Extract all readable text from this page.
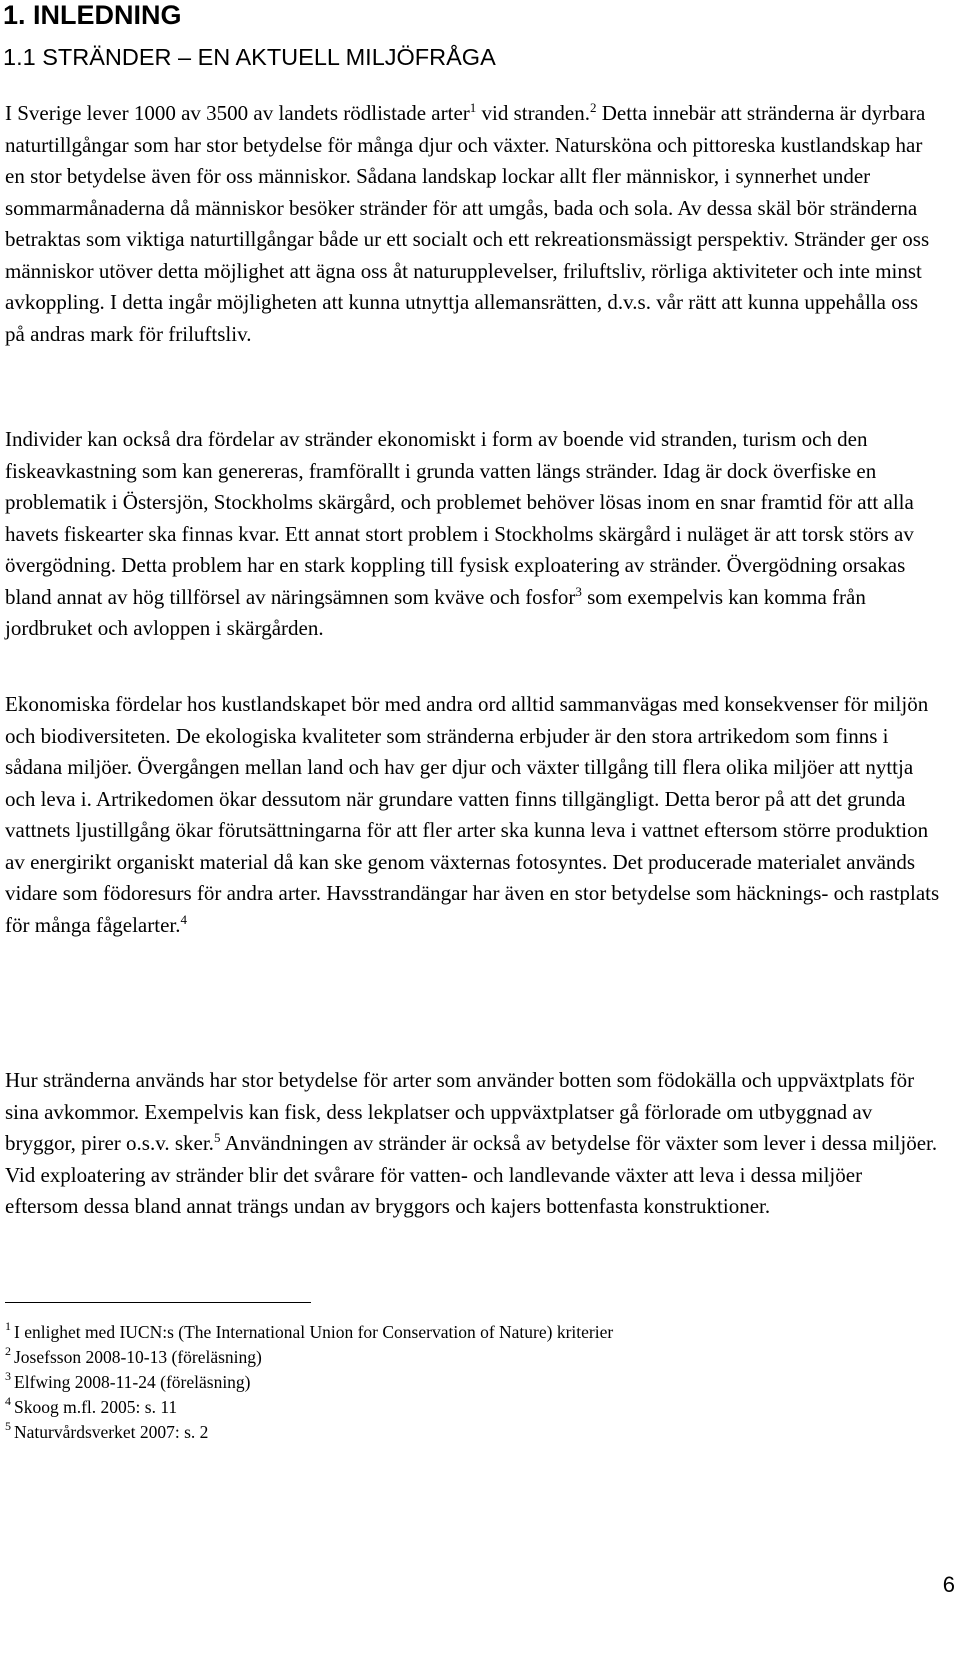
1. INLEDNING
1.1 STRÄNDER – EN AKTUELL MILJÖFRÅGA

I Sverige lever 1000 av 3500 av landets rödlistade arter$^1$ vid stranden.$^2$ Detta innebär att stränderna är dyrbara naturtillgångar som har stor betydelse för många djur och växter. Natursköna och pittoreska kustlandskap har en stor betydelse även för oss människor. Sådana landskap lockar allt fler människor, i synnerhet under sommarmånaderna då människor besöker stränder för att umgås, bada och sola. Av dessa skäl bör stränderna betraktas som viktiga naturtillgångar både ur ett socialt och ett rekreationsmässigt perspektiv. Stränder ger oss människor utöver detta möjlighet att ägna oss åt naturupplevelser, friluftsliv, rörliga aktiviteter och inte minst avkoppling. I detta ingår möjligheten att kunna utnyttja allemansrätten, d.v.s. vår rätt att kunna uppehålla oss på andras mark för friluftsliv.

Individer kan också dra fördelar av stränder ekonomiskt i form av boende vid stranden, turism och den fiskeavkastning som kan genereras, framförallt i grunda vatten längs stränder. Idag är dock överfiske en problematik i Östersjön, Stockholms skärgård, och problemet behöver lösas inom en snar framtid för att alla havets fiskearter ska finnas kvar. Ett annat stort problem i Stockholms skärgård i nuläget är att torsk störs av övergödning. Detta problem har en stark koppling till fysisk exploatering av stränder. Övergödning orsakas bland annat av hög tillförsel av näringsämnen som kväve och fosfor$^3$ som exempelvis kan komma från jordbruket och avloppen i skärgården.

Ekonomiska fördelar hos kustlandskapet bör med andra ord alltid sammanvägas med konsekvenser för miljön och biodiversiteten. De ekologiska kvaliteter som stränderna erbjuder är den stora artrikedom som finns i sådana miljöer. Övergången mellan land och hav ger djur och växter tillgång till flera olika miljöer att nyttja och leva i. Artrikedomen ökar dessutom när grundare vatten finns tillgängligt. Detta beror på att det grunda vattnets ljustillgång ökar förutsättningarna för att fler arter ska kunna leva i vattnet eftersom större produktion av energirikt organiskt material då kan ske genom växternas fotosyntes. Det producerade materialet används vidare som födoresurs för andra arter. Havsstrandängar har även en stor betydelse som häcknings- och rastplats för många fågelarter.$^4$

Hur stränderna används har stor betydelse för arter som använder botten som födokälla och uppväxtplats för sina avkommor. Exempelvis kan fisk, dess lekplatser och uppväxtplatser gå förlorade om utbyggnad av bryggor, pirer o.s.v. sker.$^5$ Användningen av stränder är också av betydelse för växter som lever i dessa miljöer. Vid exploatering av stränder blir det svårare för vatten- och landlevande växter att leva i dessa miljöer eftersom dessa bland annat trängs undan av bryggors och kajers bottenfasta konstruktioner.

$^1$ I enlighet med IUCN:s (The International Union for Conservation of Nature) kriterier
$^2$ Josefsson 2008-10-13 (föreläsning)
$^3$ Elfwing 2008-11-24 (föreläsning)
$^4$ Skoog m.fl. 2005: s. 11
$^5$ Naturvårdsverket 2007: s. 2
6
